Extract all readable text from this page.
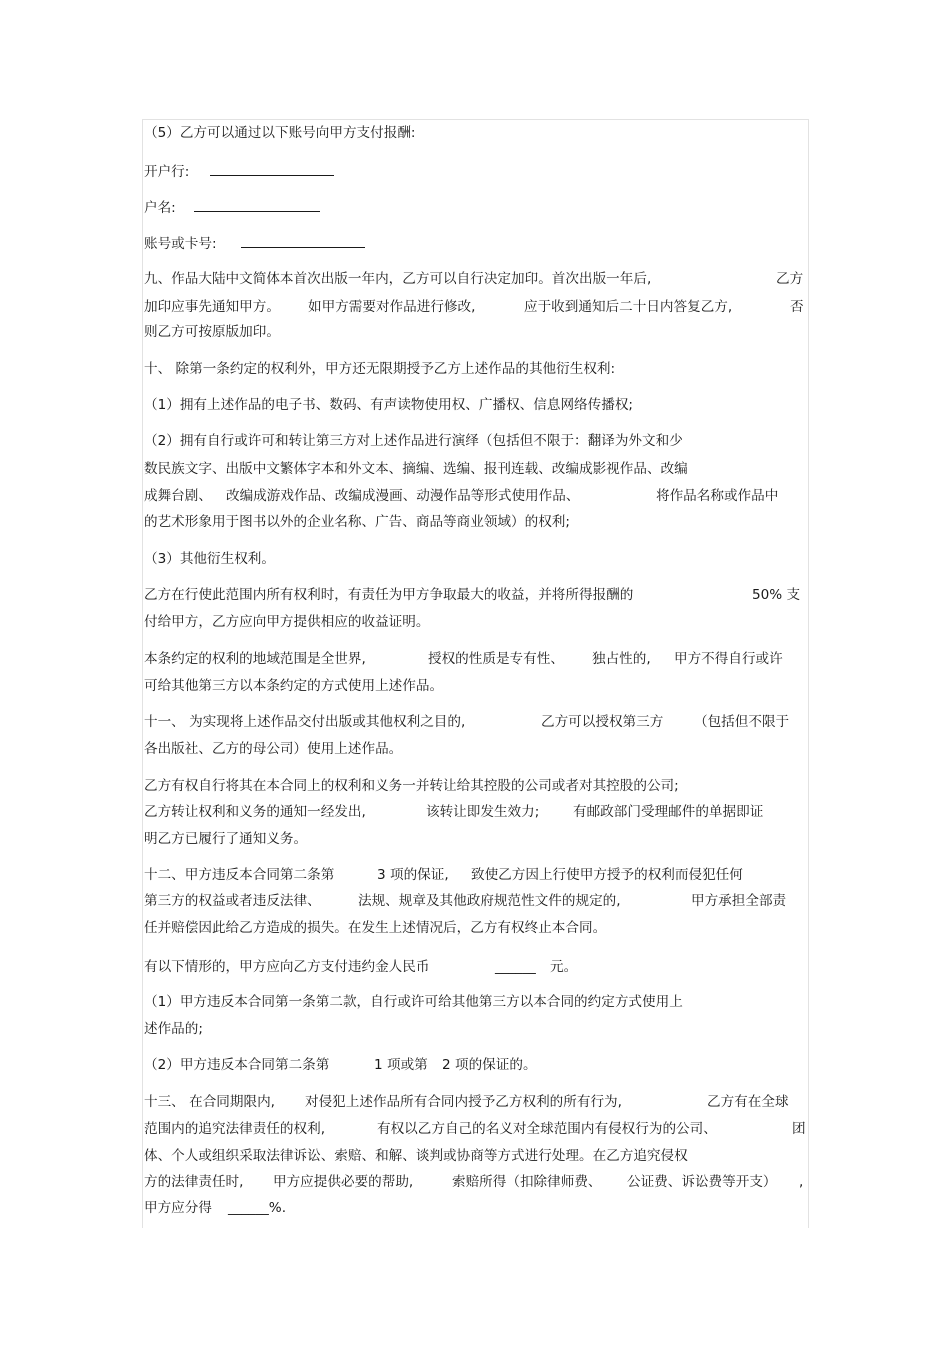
（5）乙方可以通过以下账号向甲方支付报酬:
开户行:
户名:
账号或卡号:
九、作品大陆中文简体本首次出版一年内，乙方可以自行决定加印。首次出版一年后,	乙方
加印应事先通知甲方。 如甲方需要对作品进行修改,	应于收到通知后二十日内答复乙方,	否
则乙方可按原版加印。
十、 除第一条约定的权利外，甲方还无限期授予乙方上述作品的其他衍生权利:
（1）拥有上述作品的电子书、数码、有声读物使用权、广播权、信息网络传播权;
（2）拥有自行或许可和转让第三方对上述作品进行演绎（包括但不限于：翻译为外文和少
数民族文字、出版中文繁体字本和外文本、摘编、选编、报刊连载、改编成影视作品、改编
成舞台剧、 改编成游戏作品、改编成漫画、动漫作品等形式使用作品、	将作品名称或作品中
的艺术形象用于图书以外的企业名称、广告、商品等商业领域）的权利;
（3）其他衍生权利。
乙方在行使此范围内所有权利时，有责任为甲方争取最大的收益，并将所得报酬的	50% 支
付给甲方，乙方应向甲方提供相应的收益证明。
本条约定的权利的地域范围是全世界,	授权的性质是专有性、 独占性的, 甲方不得自行或许
可给其他第三方以本条约定的方式使用上述作品。
十一、 为实现将上述作品交付出版或其他权利之目的,	乙方可以授权第三方 （包括但不限于
各出版社、乙方的母公司）使用上述作品。
乙方有权自行将其在本合同上的权利和义务一并转让给其控股的公司或者对其控股的公司;
乙方转让权利和义务的通知一经发出,	该转让即发生效力; 有邮政部门受理邮件的单据即证
明乙方已履行了通知义务。
十二、甲方违反本合同第二条第	3 项的保证, 致使乙方因上行使甲方授予的权利而侵犯任何
第三方的权益或者违反法律、	法规、规章及其他政府规范性文件的规定的,	甲方承担全部责
任并赔偿因此给乙方造成的损失。在发生上述情况后，乙方有权终止本合同。
有以下情形的，甲方应向乙方支付违约金人民币	______ 元。
（1）甲方违反本合同第一条第二款，自行或许可给其他第三方以本合同的约定方式使用上
述作品的;
（2）甲方违反本合同第二条第	1 项或第 2 项的保证的。
十三、 在合同期限内, 对侵犯上述作品所有合同内授予乙方权利的所有行为,	乙方有在全球
范围内的追究法律责任的权利,	有权以乙方自己的名义对全球范围内有侵权行为的公司、	团
体、个人或组织采取法律诉讼、索赔、和解、谈判或协商等方式进行处理。在乙方追究侵权
方的法律责任时, 甲方应提供必要的帮助,	索赔所得（扣除律师费、 公证费、诉讼费等开支） ,
甲方应分得 ______%.
